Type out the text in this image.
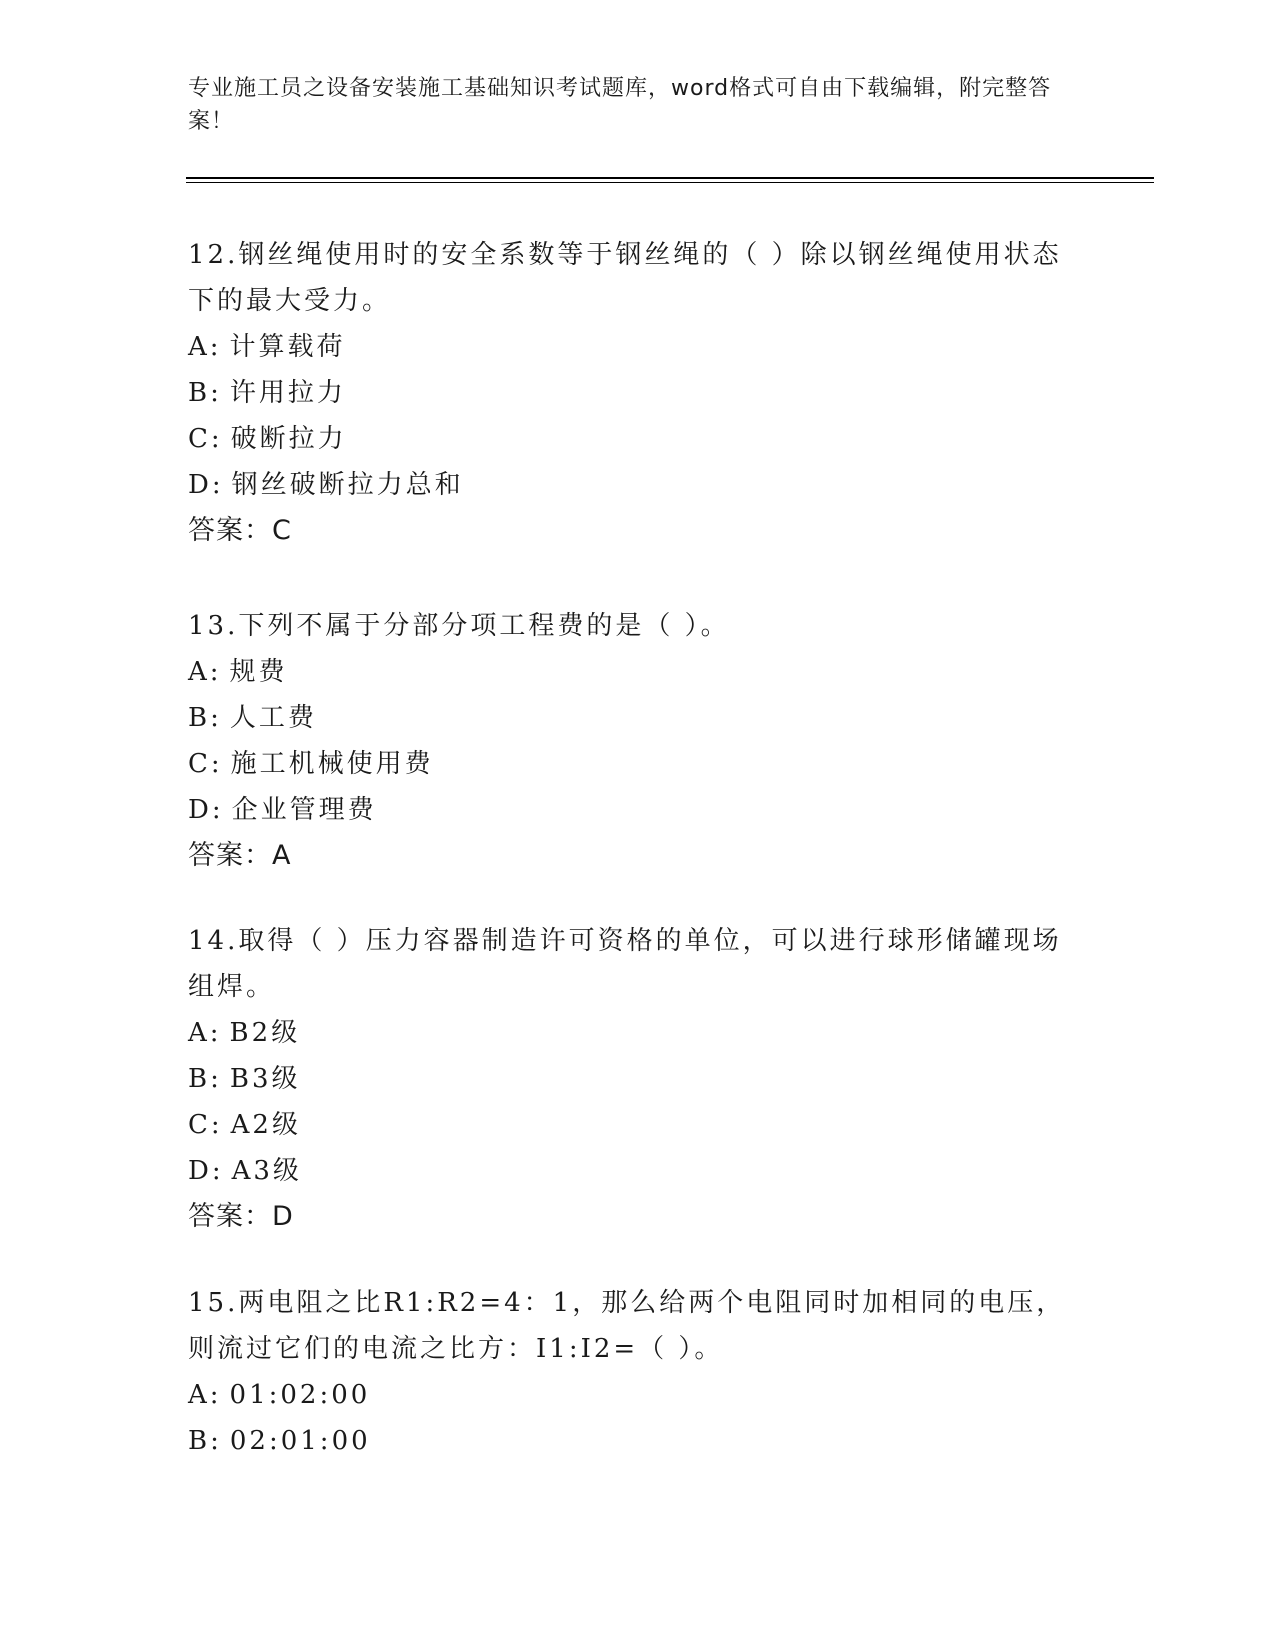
专业施工员之设备安装施工基础知识考试题库，word格式可自由下载编辑，附完整答案！

12.钢丝绳使用时的安全系数等于钢丝绳的（ ）除以钢丝绳使用状态下的最大受力。

A: 计算载荷
B: 许用拉力
C: 破断拉力
D: 钢丝破断拉力总和
答案：C

13.下列不属于分部分项工程费的是（ ）。

A: 规费
B: 人工费
C: 施工机械使用费
D: 企业管理费
答案：A

14.取得（ ）压力容器制造许可资格的单位，可以进行球形储罐现场组焊。

A: B2级
B: B3级
C: A2级
D: A3级
答案：D

15.两电阻之比R1:R2=4：1，那么给两个电阻同时加相同的电压，则流过它们的电流之比方：I1:I2=（ ）。

A: 01:02:00
B: 02:01:00
